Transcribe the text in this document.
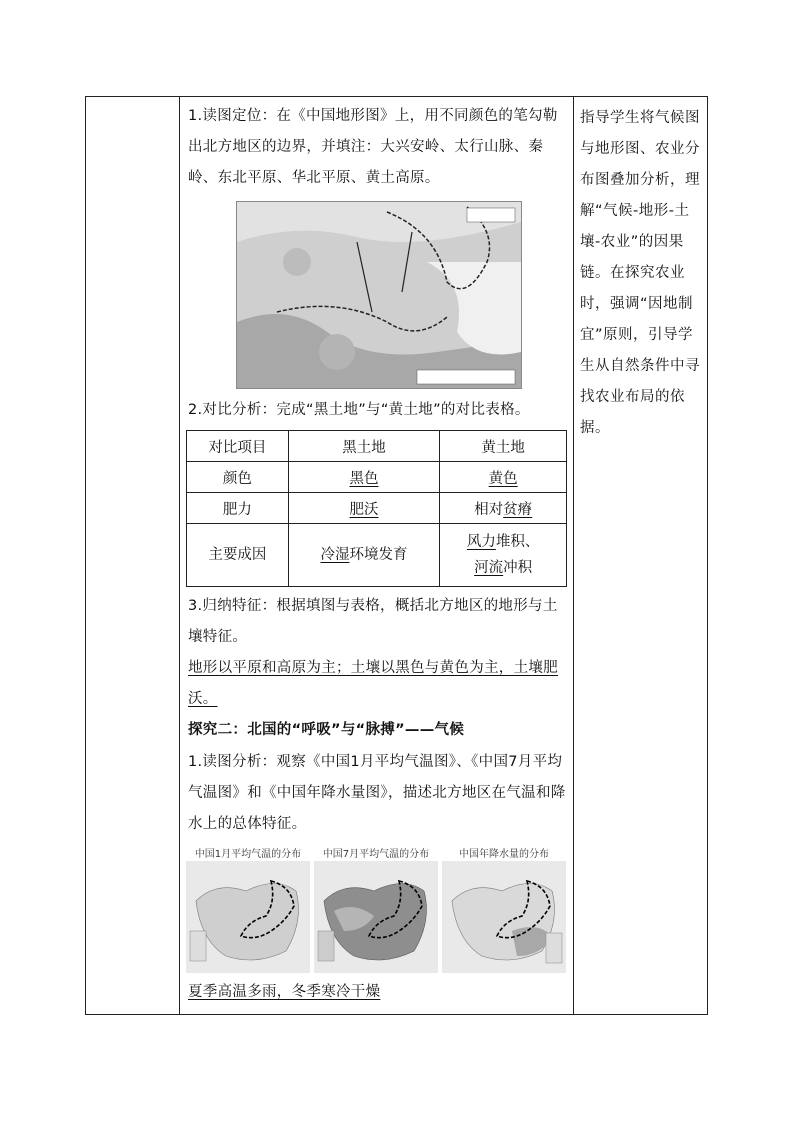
1.读图定位：在《中国地形图》上，用不同颜色的笔勾勒出北方地区的边界，并填注：大兴安岭、太行山脉、秦岭、东北平原、华北平原、黄土高原。
2.对比分析：完成“黑土地”与“黄土地”的对比表格。
对比项目	黑土地	黄土地
颜色	黑色	黄色
肥力	肥沃	相对贫瘠
主要成因	冷湿环境发育	风力堆积、
河流冲积
3.归纳特征：根据填图与表格，概括北方地区的地形与土壤特征。
地形以平原和高原为主；土壤以黑色与黄色为主，土壤肥沃。
探究二：北国的“呼吸”与“脉搏”——气候
1.读图分析：观察《中国1月平均气温图》、《中国7月平均气温图》和《中国年降水量图》，描述北方地区在气温和降水上的总体特征。
中国1月平均气温的分布	中国7月平均气温的分布	中国年降水量的分布
夏季高温多雨，冬季寒冷干燥
指导学生将气候图与地形图、农业分布图叠加分析，理解“气候-地形-土壤-农业”的因果链。在探究农业时，强调“因地制宜”原则，引导学生从自然条件中寻找农业布局的依据。
